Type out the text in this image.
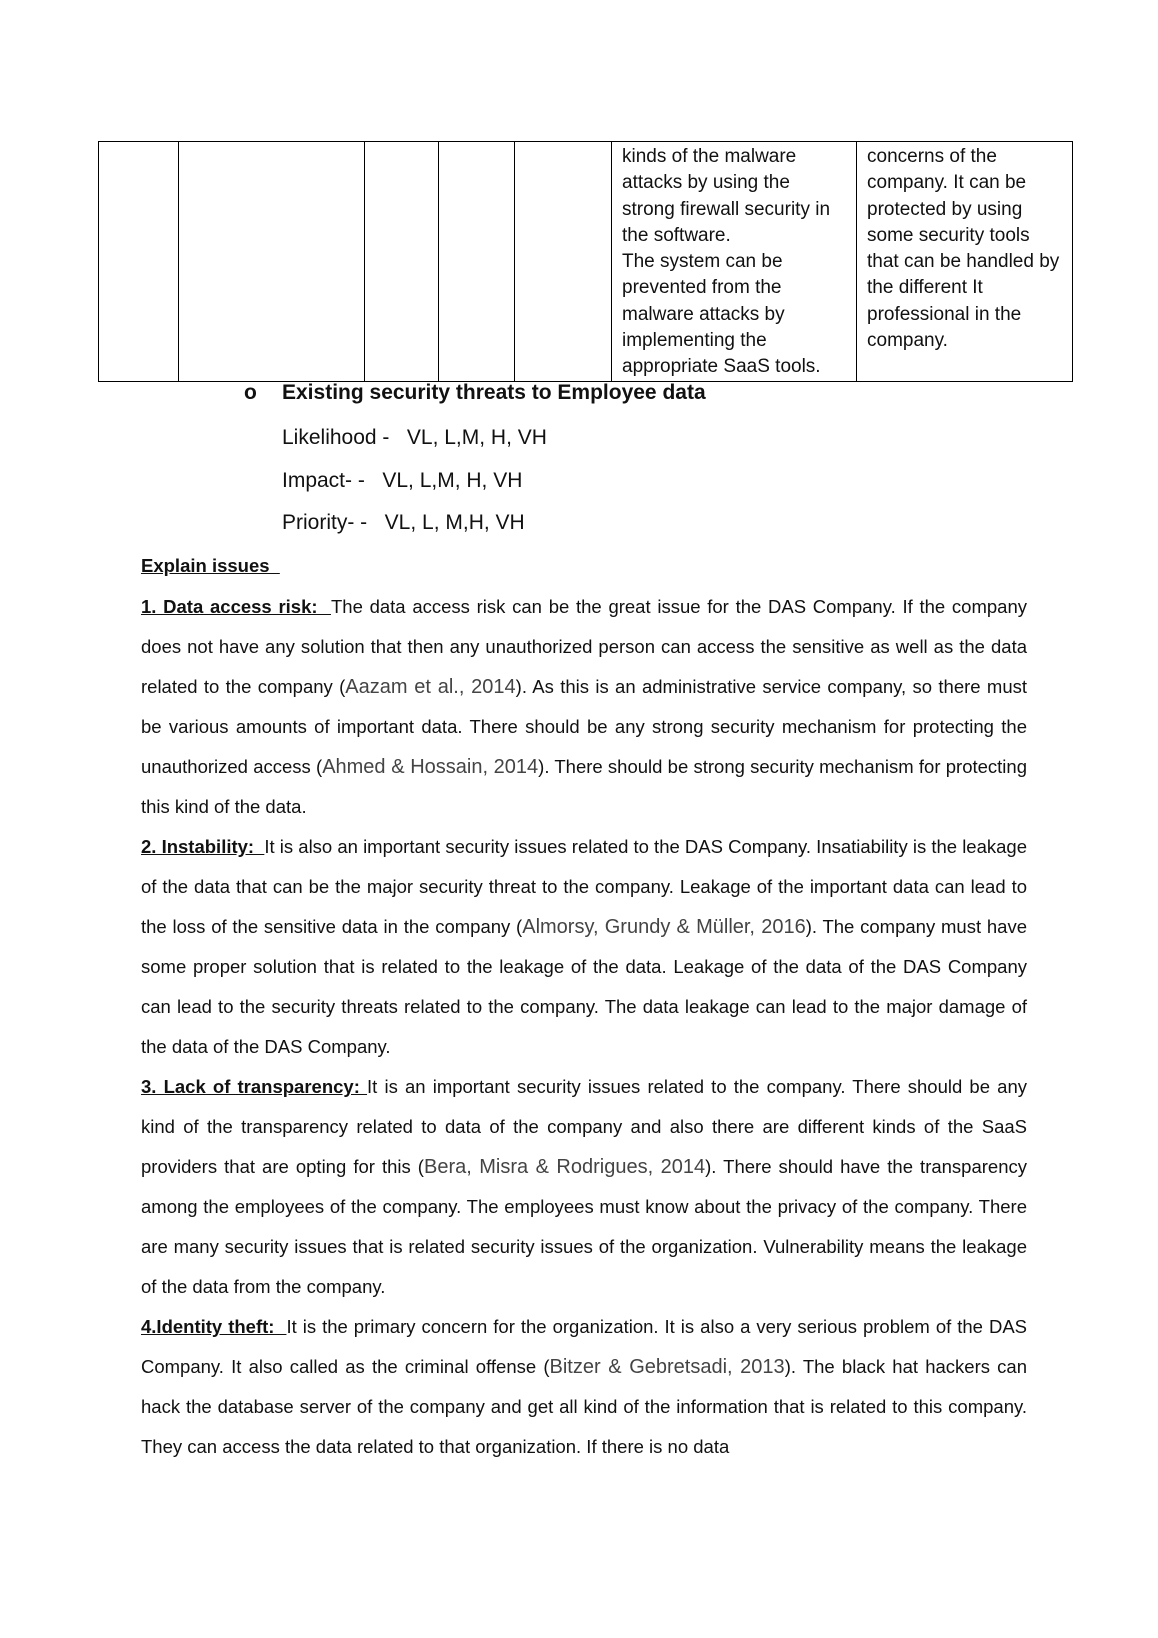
					kinds of the malware attacks by using the strong firewall security in the software.
The system can be prevented from the malware attacks by implementing the appropriate SaaS tools.	concerns of the company. It can be protected by using some security tools that can be handled by the different It professional in the company.
o Existing security threats to Employee data
Likelihood -   VL, L,M, H, VH
Impact- -   VL, L,M, H, VH
Priority- -   VL, L, M,H, VH

Explain issues

1. Data access risk:  The data access risk can be the great issue for the DAS Company. If the company does not have any solution that then any unauthorized person can access the sensitive as well as the data related to the company (Aazam et al., 2014). As this is an administrative service company, so there must be various amounts of important data. There should be any strong security mechanism for protecting the unauthorized access (Ahmed & Hossain, 2014). There should be strong security mechanism for protecting this kind of the data.

2. Instability:  It is also an important security issues related to the DAS Company. Insatiability is the leakage of the data that can be the major security threat to the company. Leakage of the important data can lead to the loss of the sensitive data in the company (Almorsy, Grundy & Müller, 2016). The company must have some proper solution that is related to the leakage of the data. Leakage of the data of the DAS Company can lead to the security threats related to the company. The data leakage can lead to the major damage of the data of the DAS Company.

3. Lack of transparency: It is an important security issues related to the company. There should be any kind of the transparency related to data of the company and also there are different kinds of the SaaS providers that are opting for this (Bera, Misra & Rodrigues, 2014). There should have the transparency among the employees of the company. The employees must know about the privacy of the company. There are many security issues that is related security issues of the organization. Vulnerability means the leakage of the data from the company.

4.Identity theft:  It is the primary concern for the organization. It is also a very serious problem of the DAS Company. It also called as the criminal offense (Bitzer & Gebretsadi, 2013). The black hat hackers can hack the database server of the company and get all kind of the information that is related to this company. They can access the data related to that organization. If there is no data
